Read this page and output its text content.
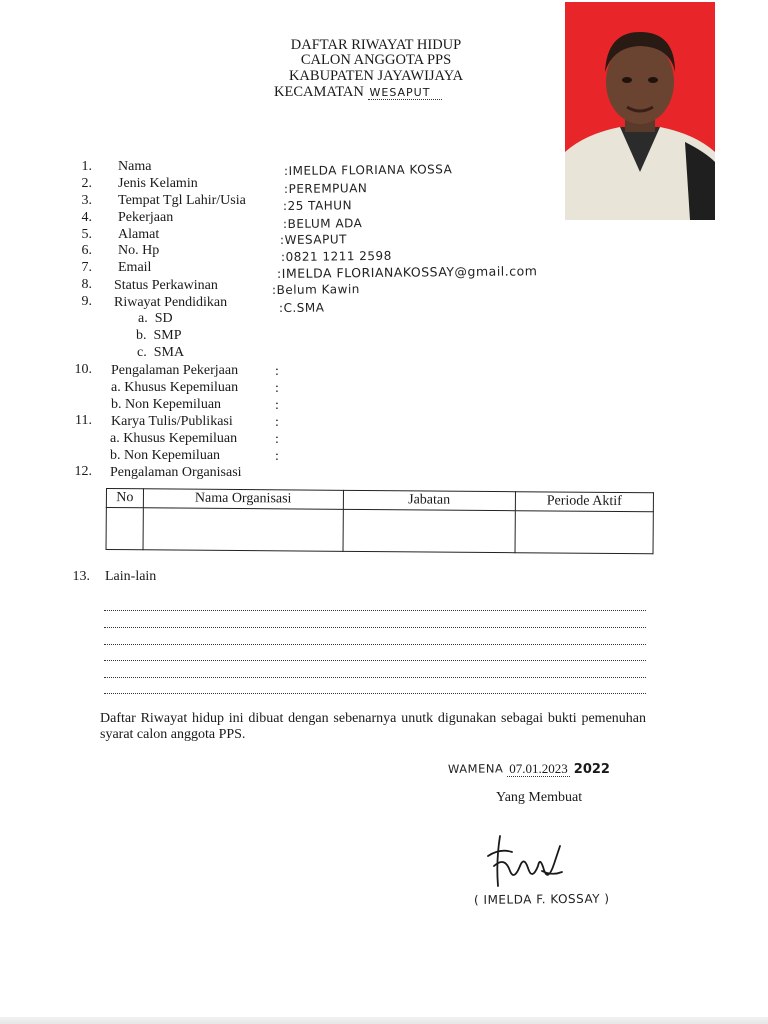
DAFTAR RIWAYAT HIDUP
CALON ANGGOTA PPS
KABUPATEN JAYAWIJAYA
KECAMATAN WESAPUT
1. Nama	:IMELDA FLORIANA KOSSA
2. Jenis Kelamin	:PEREMPUAN
3. Tempat Tgl Lahir/Usia	:25 TAHUN
4. Pekerjaan	:BELUM ADA
5. Alamat	:WESAPUT
6. No. Hp	:0821 1211 2598
7. Email	:IMELDA FLORIANAKOSSAY@gmail.com
8. Status Perkawinan	:Belum Kawin
9. Riwayat Pendidikan	:C.SMA
a. SD
b. SMP
c. SMA
10. Pengalaman Pekerjaan	:
a. Khusus Kepemiluan	:
b. Non Kepemiluan	:
11. Karya Tulis/Publikasi	:
a. Khusus Kepemiluan	:
b. Non Kepemiluan	:
12. Pengalaman Organisasi
No	Nama Organisasi	Jabatan	Periode Aktif

13. Lain-lain
Daftar Riwayat hidup ini dibuat dengan sebenarnya unutk digunakan sebagai bukti pemenuhan syarat calon anggota PPS.
WAMENA 07.01.2023 2022
Yang Membuat
( IMELDA F. KOSSAY )
